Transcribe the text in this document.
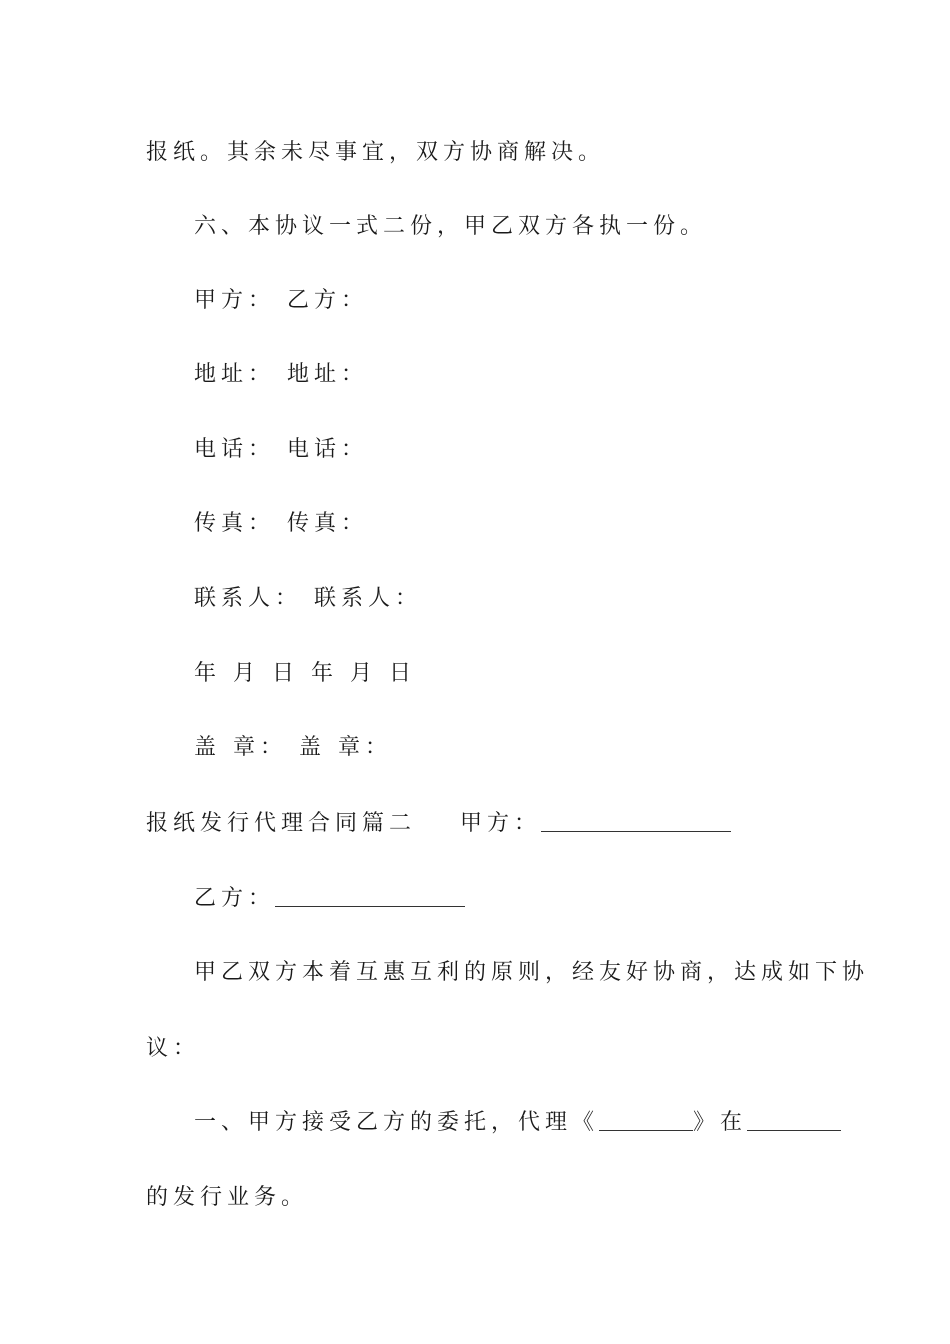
报纸。其余未尽事宜，双方协商解决。
六、本协议一式二份，甲乙双方各执一份。
甲方： 乙方：
地址： 地址：
电话： 电话：
传真： 传真：
联系人： 联系人：
年 月 日 年 月 日
盖 章： 盖 章：
报纸发行代理合同篇二 甲方：
乙方：
甲乙双方本着互惠互利的原则，经友好协商，达成如下协
议：
一、甲方接受乙方的委托，代理《	》在
的发行业务。
